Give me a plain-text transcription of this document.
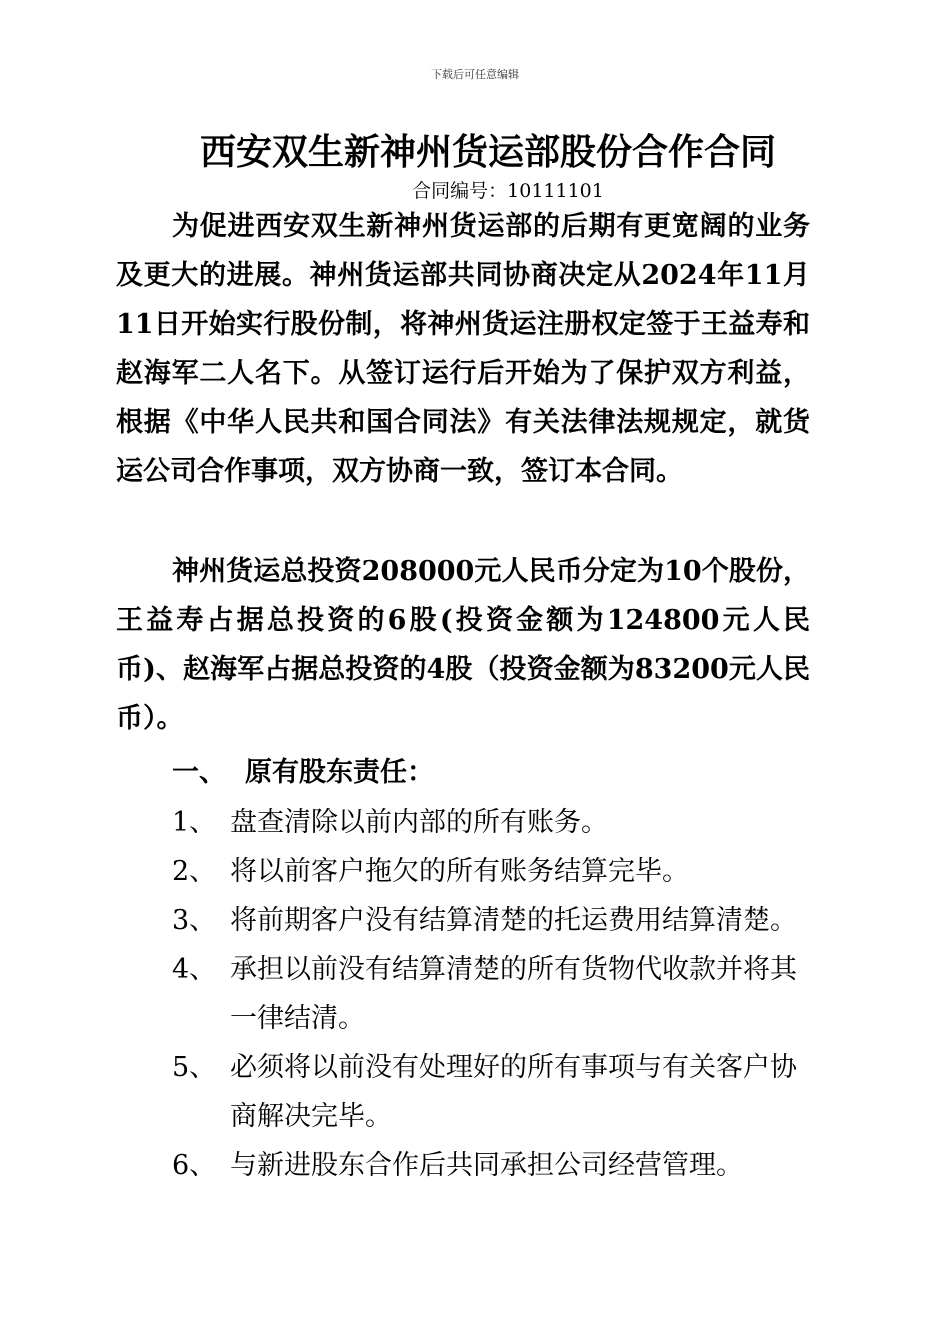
下载后可任意编辑
西安双生新神州货运部股份合作合同
合同编号：10111101

为促进西安双生新神州货运部的后期有更宽阔的业务及更大的进展。神州货运部共同协商决定从2024年11月11日开始实行股份制，将神州货运注册权定签于王益寿和赵海军二人名下。从签订运行后开始为了保护双方利益，根据《中华人民共和国合同法》有关法律法规规定，就货运公司合作事项，双方协商一致，签订本合同。

神州货运总投资208000元人民币分定为10个股份，王益寿占据总投资的6股(投资金额为124800元人民币)、赵海军占据总投资的4股（投资金额为83200元人民币）。

一、 原有股东责任：
1、 盘查清除以前内部的所有账务。
2、 将以前客户拖欠的所有账务结算完毕。
3、 将前期客户没有结算清楚的托运费用结算清楚。
4、 承担以前没有结算清楚的所有货物代收款并将其一律结清。
5、 必须将以前没有处理好的所有事项与有关客户协商解决完毕。
6、 与新进股东合作后共同承担公司经营管理。
